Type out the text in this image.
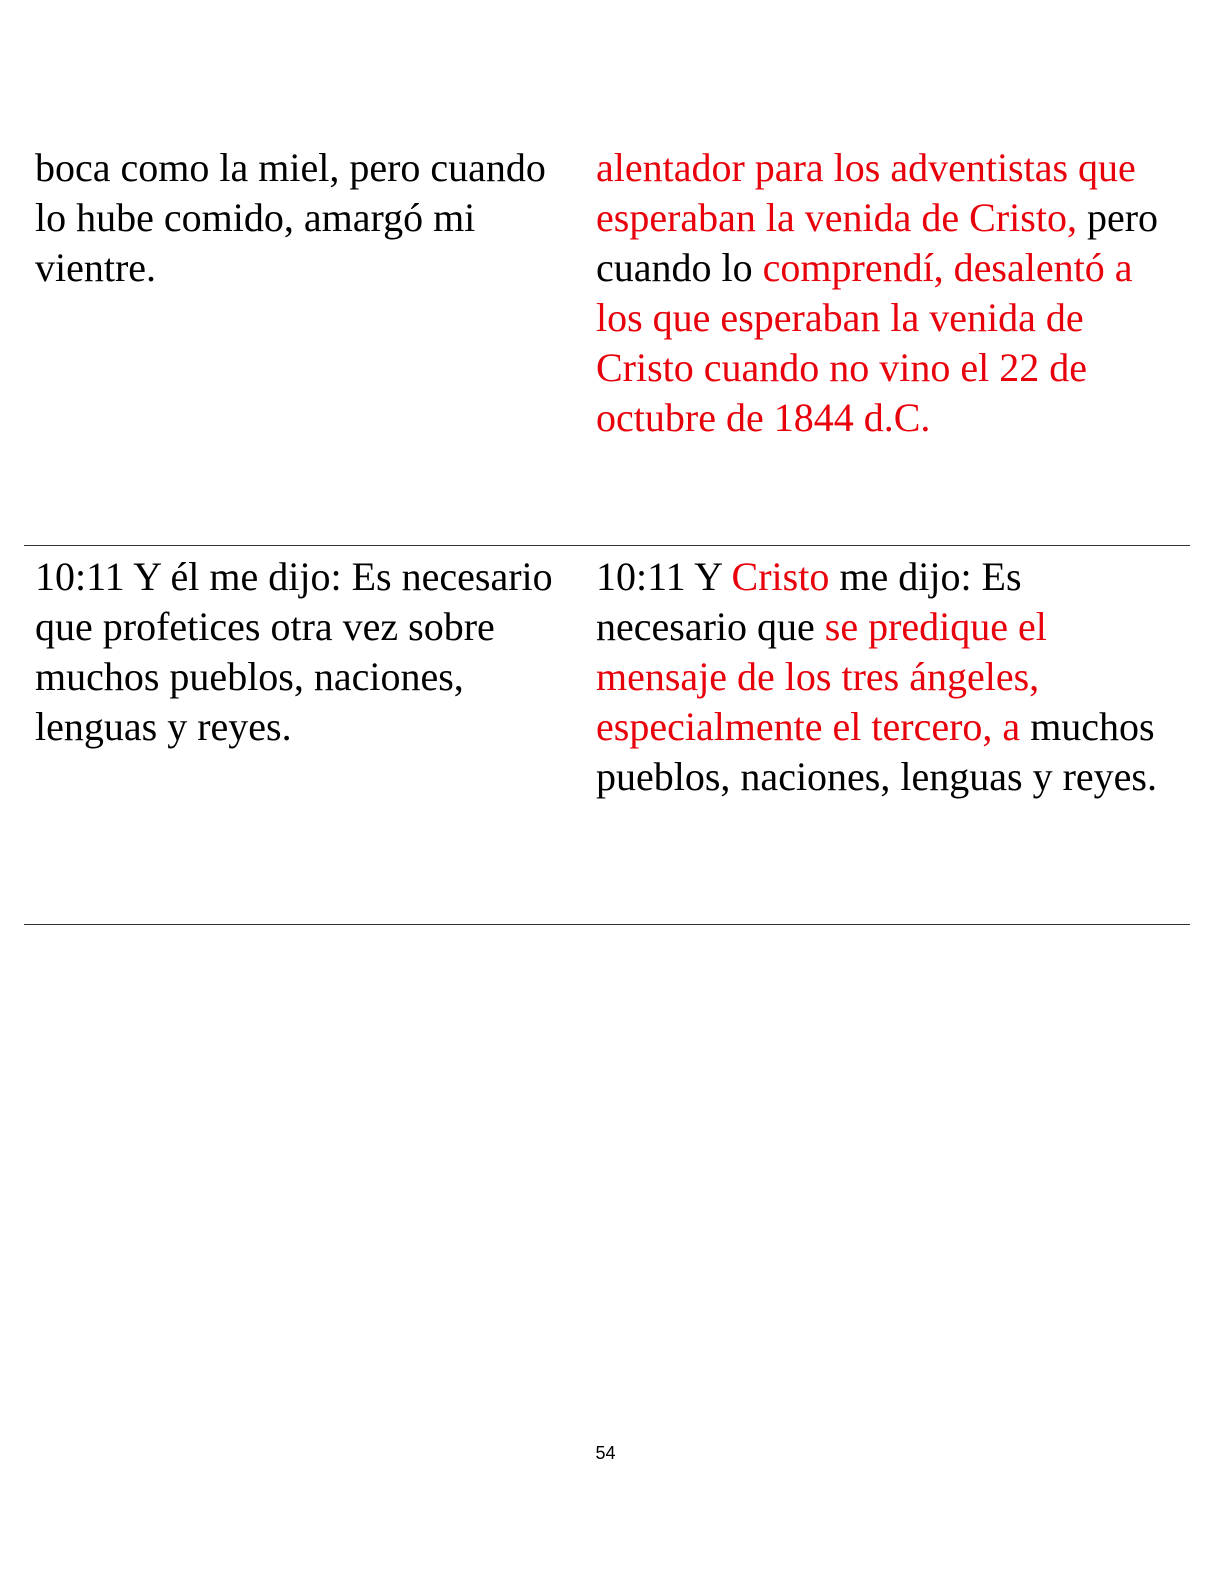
boca como la miel, pero cuando lo hube comido, amargó mi vientre.
alentador para los adventistas que esperaban la venida de Cristo, pero cuando lo comprendí, desalentó a los que esperaban la venida de Cristo cuando no vino el 22 de octubre de 1844 d.C.
10:11 Y él me dijo: Es necesario que profetices otra vez sobre muchos pueblos, naciones, lenguas y reyes.
10:11 Y Cristo me dijo: Es necesario que se predique el mensaje de los tres ángeles, especialmente el tercero, a muchos pueblos, naciones, lenguas y reyes.
54
